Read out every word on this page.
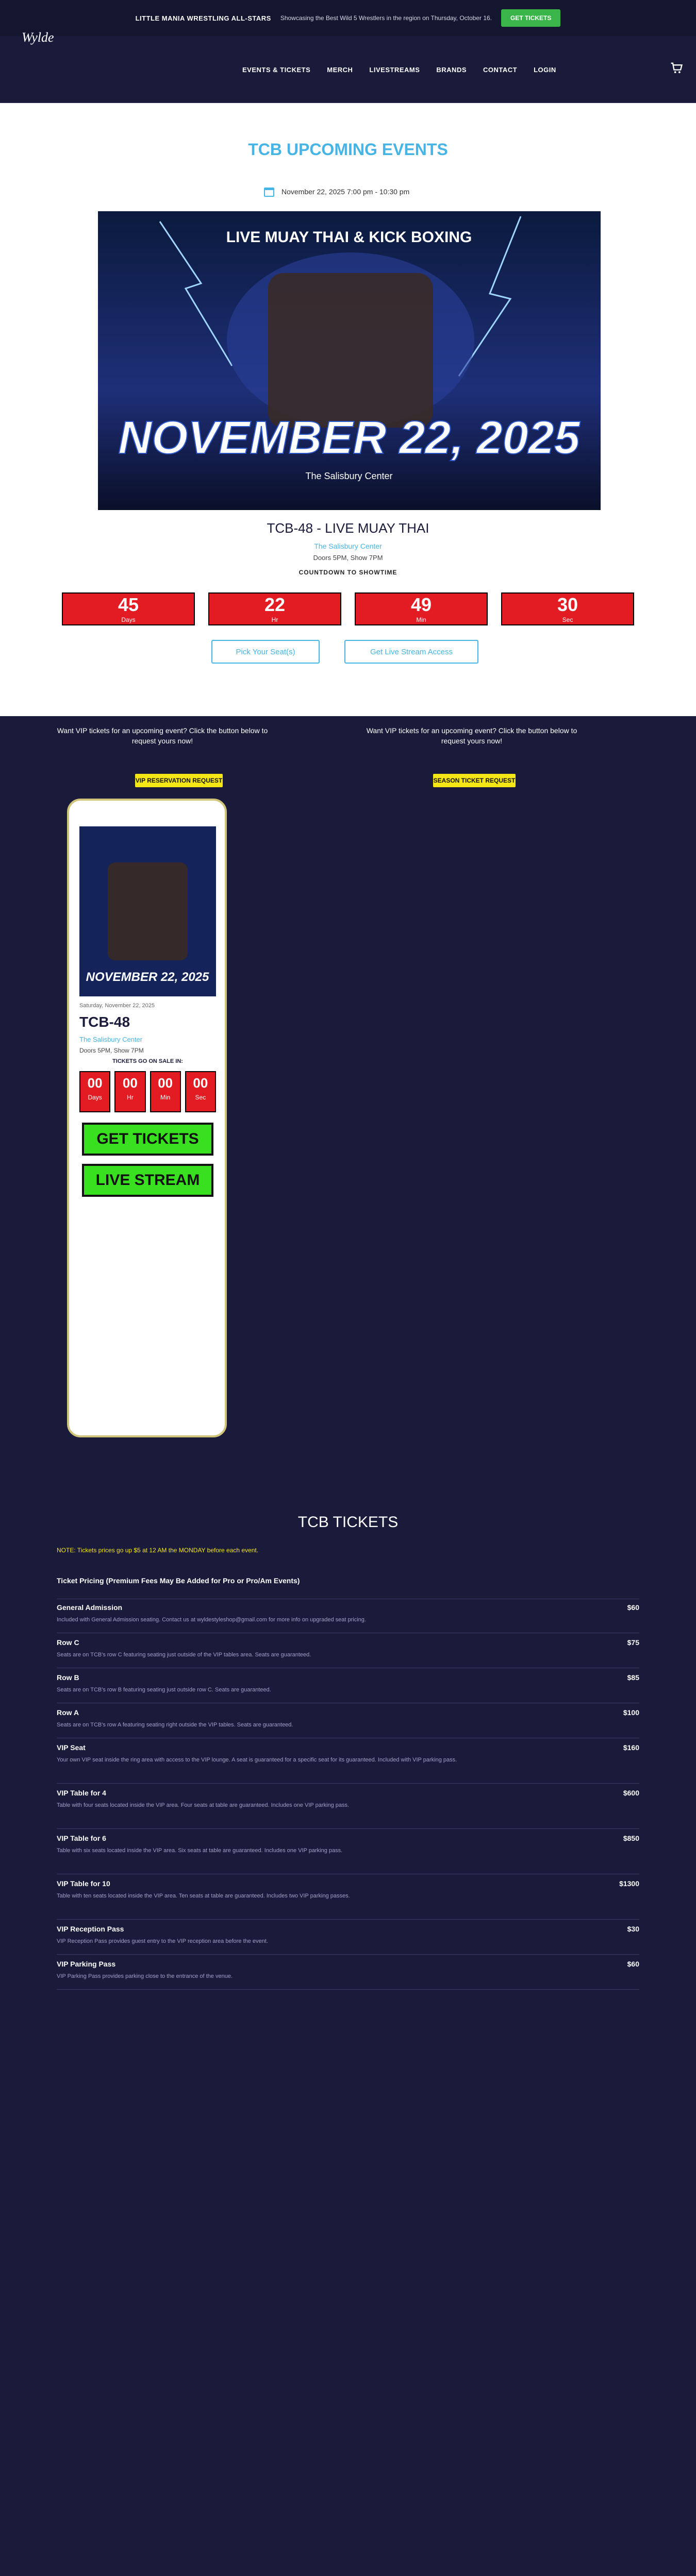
LITTLE MANIA WRESTLING ALL-STARS Showcasing the Best Wild 5 Wrestlers in the region on Thursday, October 16.	GET TICKETS
Wylde
EVENTS & TICKETS MERCH LIVESTREAMS BRANDS CONTACT LOGIN
TCB UPCOMING EVENTS
November 22, 2025 7:00 pm - 10:30 pm
LIVE MUAY THAI & KICK BOXING
NOVEMBER 22, 2025
The Salisbury Center
TCB-48 - LIVE MUAY THAI
The Salisbury Center
Doors 5PM, Show 7PM
COUNTDOWN TO SHOWTIME
45
Days
22
Hr
49
Min
30
Sec
Pick Your Seat(s)	Get Live Stream Access
Want VIP tickets for an upcoming event? Click the button below to request yours now!
VIP RESERVATION REQUEST
Want VIP tickets for an upcoming event? Click the button below to request yours now!
SEASON TICKET REQUEST
NOVEMBER 22, 2025
Saturday, November 22, 2025
TCB-48
The Salisbury Center
Doors 5PM, Show 7PM
TICKETS GO ON SALE IN:
00
Days
00
Hr
00
Min
00
Sec
GET TICKETS
LIVE STREAM
TCB TICKETS
NOTE: Tickets prices go up $5 at 12 AM the MONDAY before each event.
Ticket Pricing (Premium Fees May Be Added for Pro or Pro/Am Events)
General Admission	$60
Included with General Admission seating. Contact us at wyldestyleshop@gmail.com for more info on upgraded seat pricing.
Row C	$75
Seats are on TCB's row C featuring seating just outside of the VIP tables area. Seats are guaranteed.
Row B	$85
Seats are on TCB's row B featuring seating just outside row C. Seats are guaranteed.
Row A	$100
Seats are on TCB's row A featuring seating right outside the VIP tables. Seats are guaranteed.
VIP Seat	$160
Your own VIP seat inside the ring area with access to the VIP lounge. A seat is guaranteed for a specific seat for its guaranteed. Included with VIP parking pass.
VIP Table for 4	$600
Table with four seats located inside the VIP area. Four seats at table are guaranteed. Includes one VIP parking pass.
VIP Table for 6	$850
Table with six seats located inside the VIP area. Six seats at table are guaranteed. Includes one VIP parking pass.
VIP Table for 10	$1300
Table with ten seats located inside the VIP area. Ten seats at table are guaranteed. Includes two VIP parking passes.
VIP Reception Pass	$30
VIP Reception Pass provides guest entry to the VIP reception area before the event.
VIP Parking Pass	$60
VIP Parking Pass provides parking close to the entrance of the venue.
